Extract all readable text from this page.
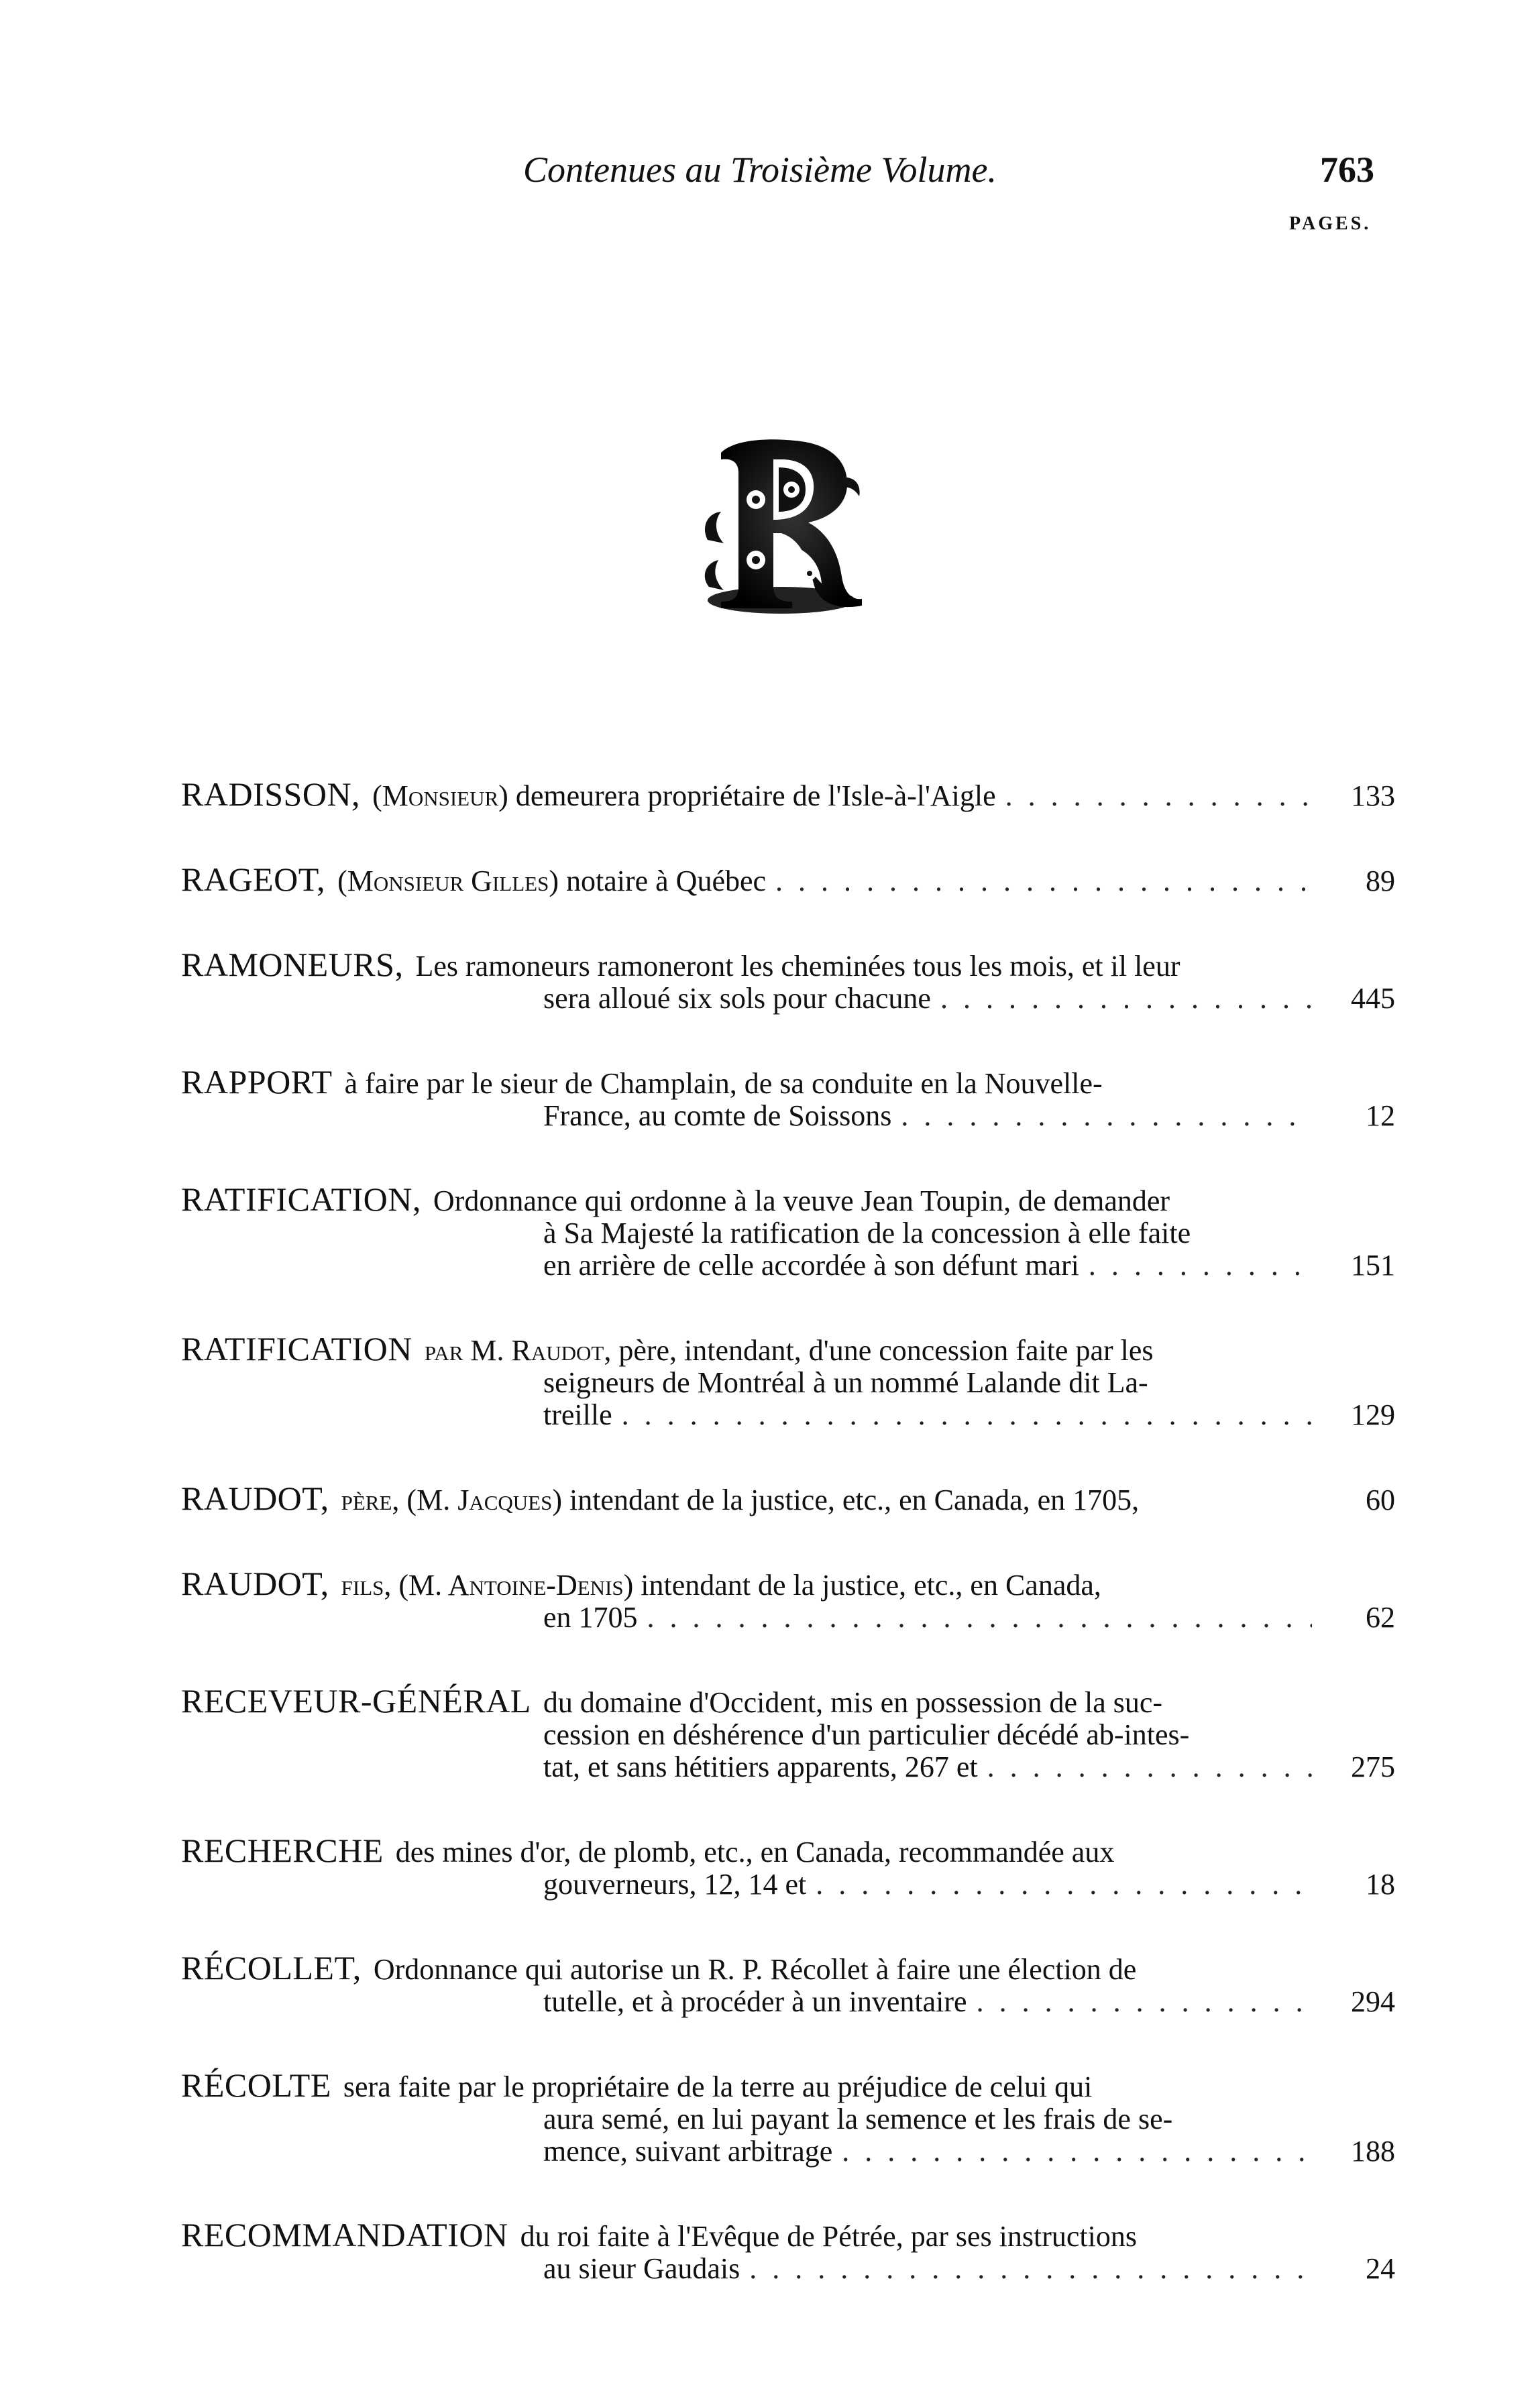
Contenues au Troisième Volume.	763
PAGES.
RADISSON, (Monsieur)
demeurera propriétaire de l'Isle-à-l'Aigle . . .	133
RAGEOT, (Monsieur Gilles)
notaire à Québec . . .	89
RAMONEURS, Les ramoneurs ramoneront les cheminées tous les mois, et il leur
sera alloué six sols pour chacune . . .	445
RAPPORT à faire par le sieur de Champlain, de sa conduite en la Nouvelle-
France, au comte de Soissons . . .	12
RATIFICATION, Ordonnance qui ordonne à la veuve Jean Toupin, de demander
à Sa Majesté la ratification de la concession à elle faite
en arrière de celle accordée à son défunt mari . . .	151
RATIFICATION par M. Raudot,
père, intendant, d'une concession faite par les
seigneurs de Montréal à un nommé Lalande dit La-
treille . . .	129
RAUDOT, père, (M. Jacques)
intendant de la justice, etc., en Canada, en 1705,	60
RAUDOT, fils, (M. Antoine-Denis)
intendant de la justice, etc., en Canada,
en 1705 . . .	62
RECEVEUR-GÉNÉRAL du domaine d'Occident, mis en possession de la suc-
cession en déshérence d'un particulier décédé ab-intes-
tat, et sans hétitiers apparents, 267 et . . .	275
RECHERCHE des mines d'or, de plomb, etc., en Canada, recommandée aux
gouverneurs, 12, 14 et . . .	18
RÉCOLLET, Ordonnance qui autorise un R. P. Récollet à faire une élection de
tutelle, et à procéder à un inventaire . . .	294
RÉCOLTE sera faite par le propriétaire de la terre au préjudice de celui qui
aura semé, en lui payant la semence et les frais de se-
mence, suivant arbitrage . . .	188
RECOMMANDATION du roi faite à l'Evêque de Pétrée, par ses instructions
au sieur Gaudais . . .	24
